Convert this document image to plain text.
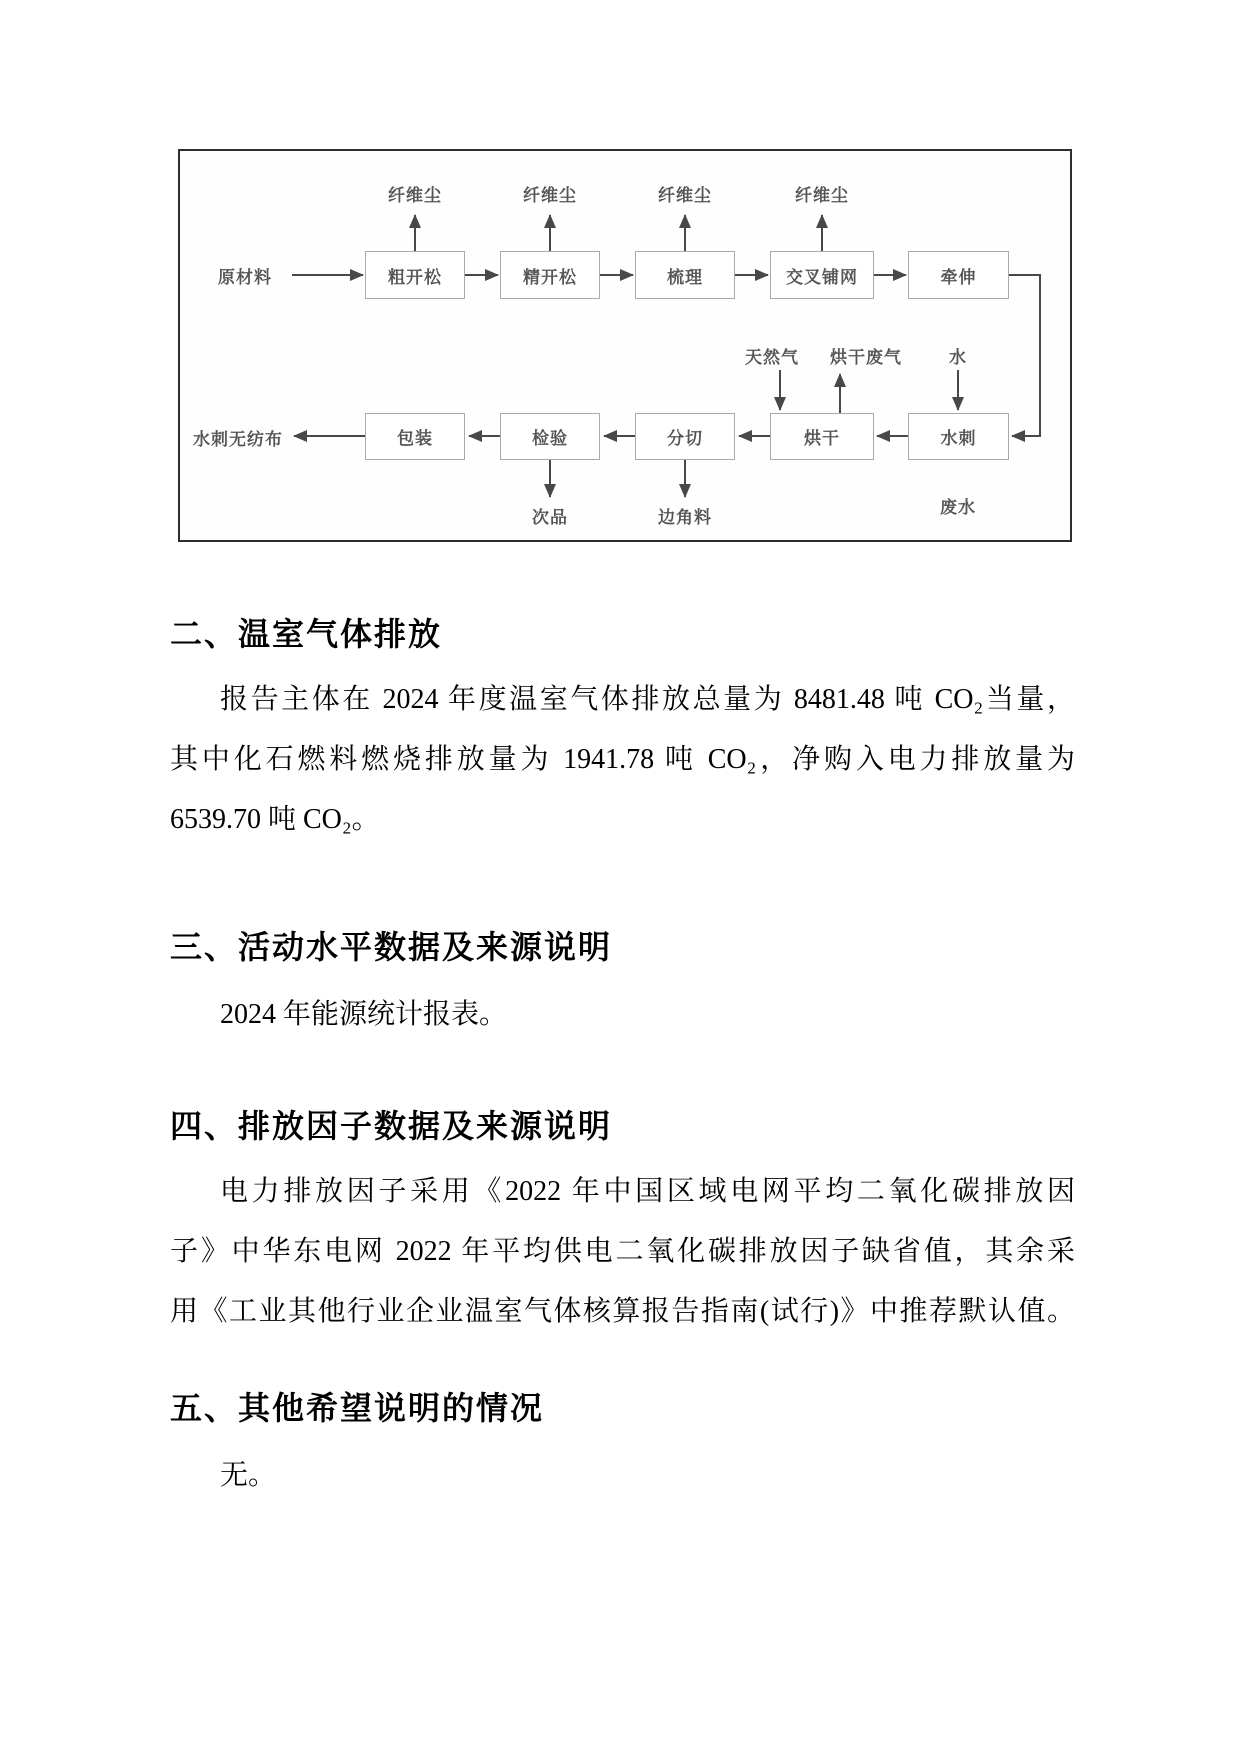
原材料	粗开松	精开松	梳理	交叉铺网	牵伸
纤维尘	纤维尘	纤维尘	纤维尘
天然气 烘干废气	水
水刺无纺布	包装	检验	分切	烘干	水刺
次品	边角料
废水
二、温室气体排放
报告主体在 2024 年度温室气体排放总量为 8481.48 吨 CO₂当量，
其中化石燃料燃烧排放量为 1941.78 吨 CO₂，净购入电力排放量为
6539.70 吨 CO₂。
三、活动水平数据及来源说明
2024 年能源统计报表。
四、排放因子数据及来源说明
电力排放因子采用《2022 年中国区域电网平均二氧化碳排放因
子》中华东电网 2022 年平均供电二氧化碳排放因子缺省值，其余采
用《工业其他行业企业温室气体核算报告指南(试行)》中推荐默认值。
五、其他希望说明的情况
无。
